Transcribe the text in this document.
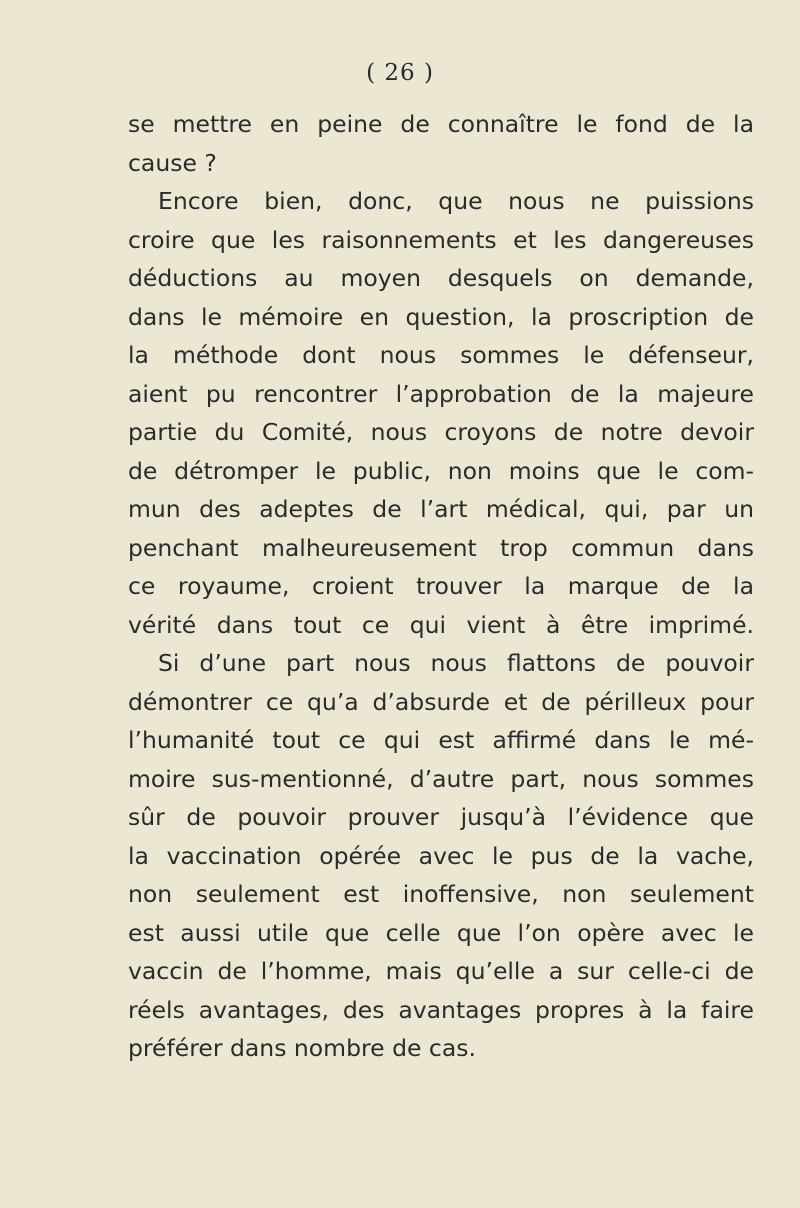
( 26 )
se mettre en peine de connaître le fond de la
cause ?
Encore bien, donc, que nous ne puissions
croire que les raisonnements et les dangereuses
déductions au moyen desquels on demande,
dans le mémoire en question, la proscription de
la méthode dont nous sommes le défenseur,
aient pu rencontrer l’approbation de la majeure
partie du Comité, nous croyons de notre devoir
de détromper le public, non moins que le com-
mun des adeptes de l’art médical, qui, par un
penchant malheureusement trop commun dans
ce royaume, croient trouver la marque de la
vérité dans tout ce qui vient à être imprimé.
Si d’une part nous nous flattons de pouvoir
démontrer ce qu’a d’absurde et de périlleux pour
l’humanité tout ce qui est affirmé dans le mé-
moire sus-mentionné, d’autre part, nous sommes
sûr de pouvoir prouver jusqu’à l’évidence que
la vaccination opérée avec le pus de la vache,
non seulement est inoffensive, non seulement
est aussi utile que celle que l’on opère avec le
vaccin de l’homme, mais qu’elle a sur celle-ci de
réels avantages, des avantages propres à la faire
préférer dans nombre de cas.
